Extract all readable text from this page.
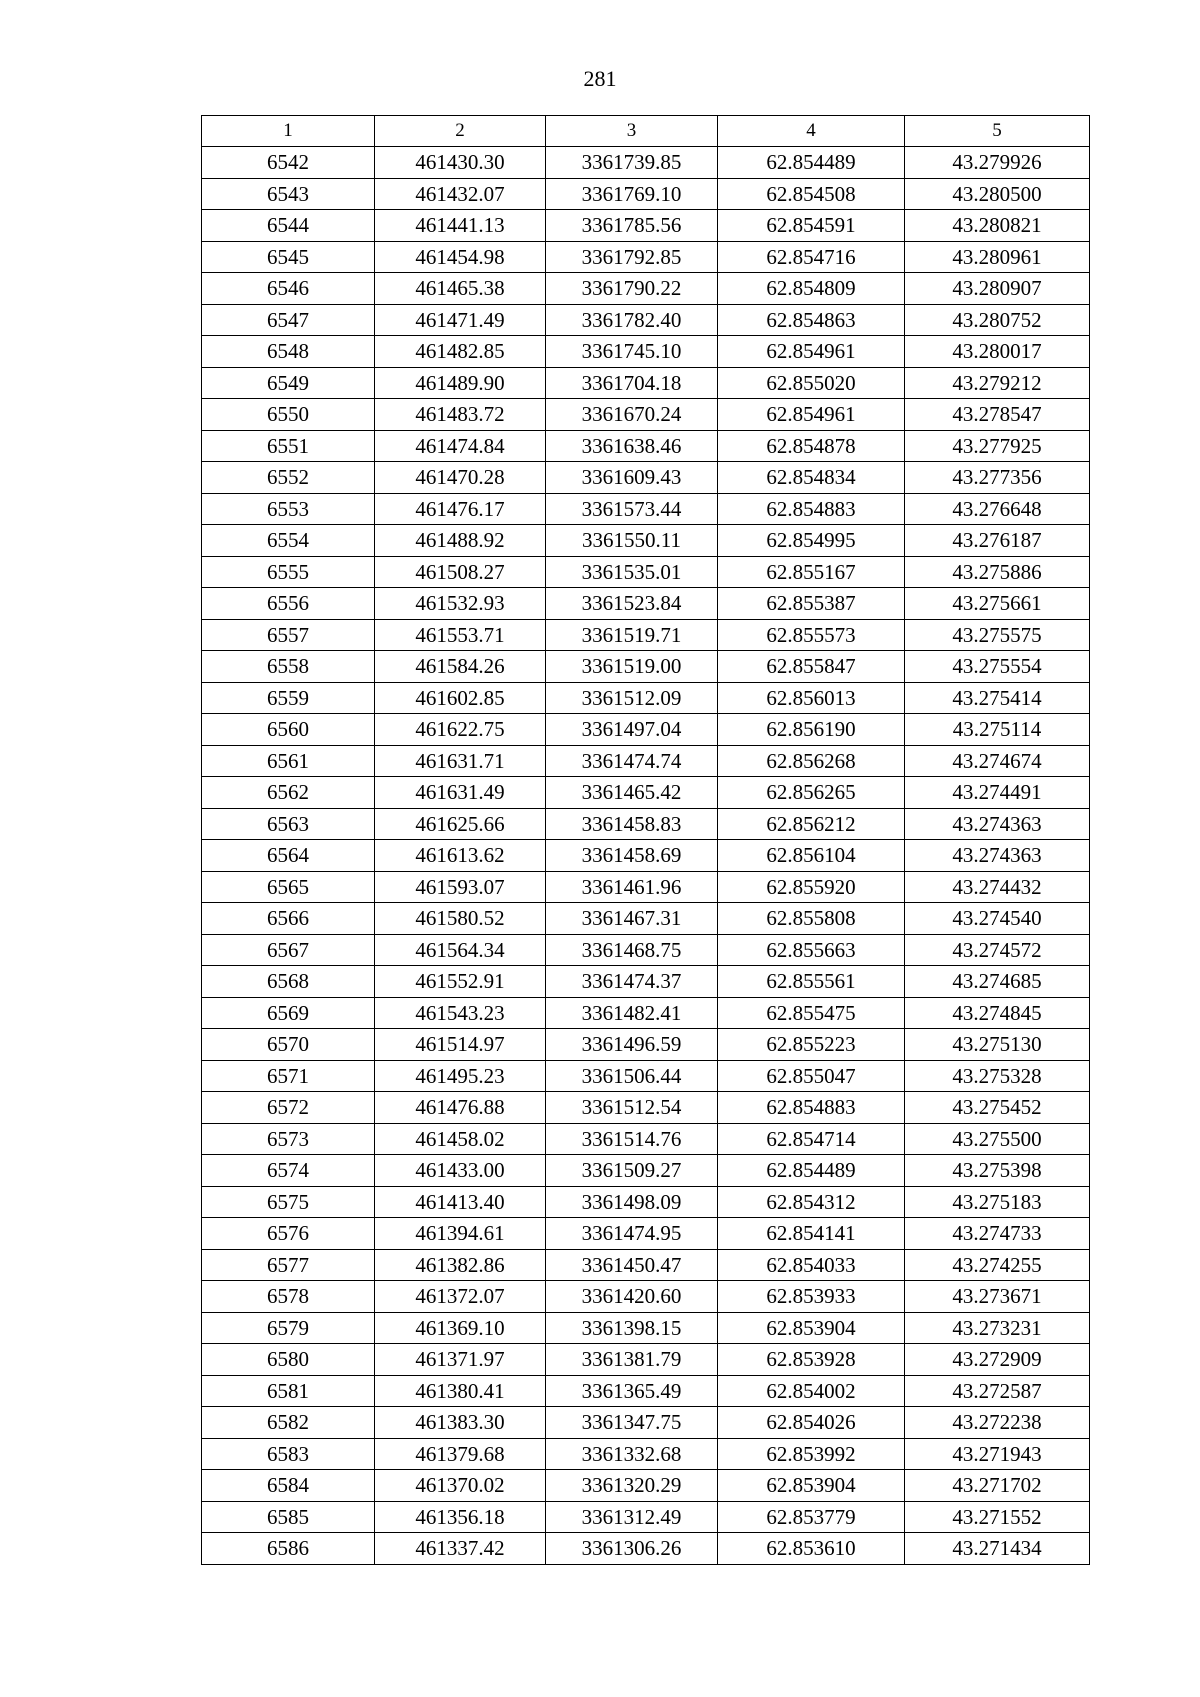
281
1	2	3	4	5
6542	461430.30	3361739.85	62.854489	43.279926
6543	461432.07	3361769.10	62.854508	43.280500
6544	461441.13	3361785.56	62.854591	43.280821
6545	461454.98	3361792.85	62.854716	43.280961
6546	461465.38	3361790.22	62.854809	43.280907
6547	461471.49	3361782.40	62.854863	43.280752
6548	461482.85	3361745.10	62.854961	43.280017
6549	461489.90	3361704.18	62.855020	43.279212
6550	461483.72	3361670.24	62.854961	43.278547
6551	461474.84	3361638.46	62.854878	43.277925
6552	461470.28	3361609.43	62.854834	43.277356
6553	461476.17	3361573.44	62.854883	43.276648
6554	461488.92	3361550.11	62.854995	43.276187
6555	461508.27	3361535.01	62.855167	43.275886
6556	461532.93	3361523.84	62.855387	43.275661
6557	461553.71	3361519.71	62.855573	43.275575
6558	461584.26	3361519.00	62.855847	43.275554
6559	461602.85	3361512.09	62.856013	43.275414
6560	461622.75	3361497.04	62.856190	43.275114
6561	461631.71	3361474.74	62.856268	43.274674
6562	461631.49	3361465.42	62.856265	43.274491
6563	461625.66	3361458.83	62.856212	43.274363
6564	461613.62	3361458.69	62.856104	43.274363
6565	461593.07	3361461.96	62.855920	43.274432
6566	461580.52	3361467.31	62.855808	43.274540
6567	461564.34	3361468.75	62.855663	43.274572
6568	461552.91	3361474.37	62.855561	43.274685
6569	461543.23	3361482.41	62.855475	43.274845
6570	461514.97	3361496.59	62.855223	43.275130
6571	461495.23	3361506.44	62.855047	43.275328
6572	461476.88	3361512.54	62.854883	43.275452
6573	461458.02	3361514.76	62.854714	43.275500
6574	461433.00	3361509.27	62.854489	43.275398
6575	461413.40	3361498.09	62.854312	43.275183
6576	461394.61	3361474.95	62.854141	43.274733
6577	461382.86	3361450.47	62.854033	43.274255
6578	461372.07	3361420.60	62.853933	43.273671
6579	461369.10	3361398.15	62.853904	43.273231
6580	461371.97	3361381.79	62.853928	43.272909
6581	461380.41	3361365.49	62.854002	43.272587
6582	461383.30	3361347.75	62.854026	43.272238
6583	461379.68	3361332.68	62.853992	43.271943
6584	461370.02	3361320.29	62.853904	43.271702
6585	461356.18	3361312.49	62.853779	43.271552
6586	461337.42	3361306.26	62.853610	43.271434
